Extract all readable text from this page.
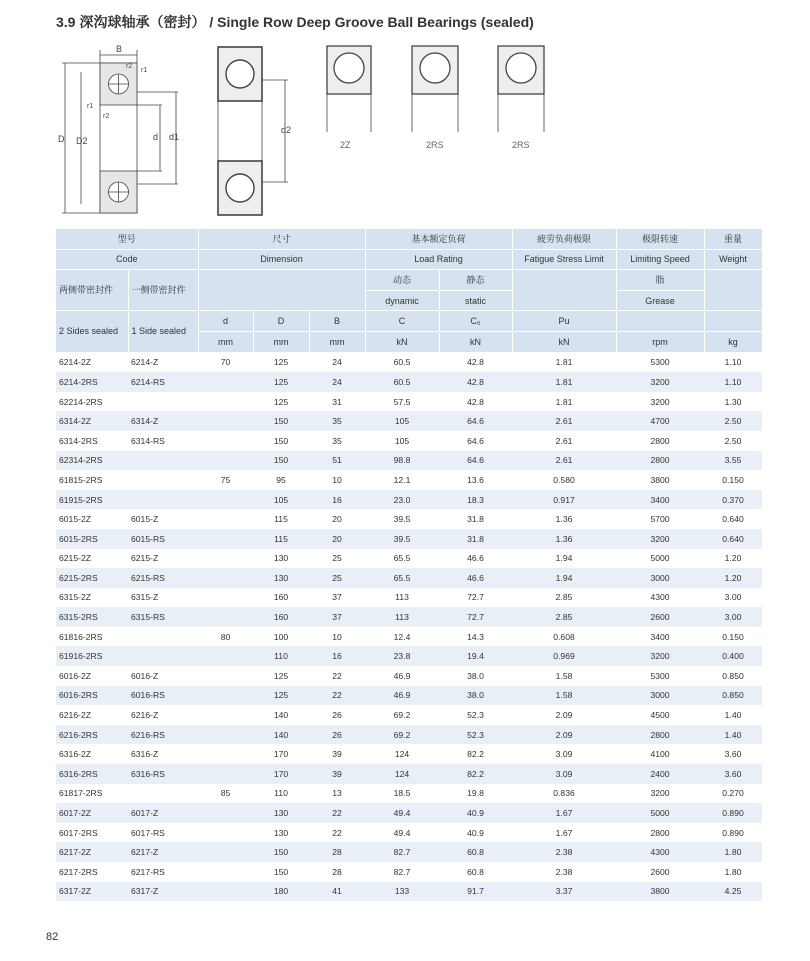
3.9 深沟球轴承（密封） / Single Row Deep Groove Ball Bearings (sealed)
B
r2
r1
r1
r2
D D2	d d1
d2
2Z	2RS	2RS
型号		尺寸			基本额定负荷		疲劳负荷极限	极限转速	重量
Code		Dimension			Load Rating		Fatigue Stress Limit	Limiting Speed	Weight
两侧带密封件	一侧带密封件				动态	静态		脂	
					dynamic	static		Grease	
2 Sides sealed	1 Side sealed	d	D	B	C	C₀	Pu		
		mm	mm	mm	kN	kN	kN	rpm	kg
6214-2Z	6214-Z	70	125	24	60.5	42.8	1.81	5300	1.10
6214-2RS	6214-RS		125	24	60.5	42.8	1.81	3200	1.10
62214-2RS			125	31	57.5	42.8	1.81	3200	1.30
6314-2Z	6314-Z		150	35	105	64.6	2.61	4700	2.50
6314-2RS	6314-RS		150	35	105	64.6	2.61	2800	2.50
62314-2RS			150	51	98.8	64.6	2.61	2800	3.55
61815-2RS		75	95	10	12.1	13.6	0.580	3800	0.150
61915-2RS			105	16	23.0	18.3	0.917	3400	0.370
6015-2Z	6015-Z		115	20	39.5	31.8	1.36	5700	0.640
6015-2RS	6015-RS		115	20	39.5	31.8	1.36	3200	0.640
6215-2Z	6215-Z		130	25	65.5	46.6	1.94	5000	1.20
6215-2RS	6215-RS		130	25	65.5	46.6	1.94	3000	1.20
6315-2Z	6315-Z		160	37	113	72.7	2.85	4300	3.00
6315-2RS	6315-RS		160	37	113	72.7	2.85	2600	3.00
61816-2RS		80	100	10	12.4	14.3	0.608	3400	0.150
61916-2RS			110	16	23.8	19.4	0.969	3200	0.400
6016-2Z	6016-Z		125	22	46.9	38.0	1.58	5300	0.850
6016-2RS	6016-RS		125	22	46.9	38.0	1.58	3000	0.850
6216-2Z	6216-Z		140	26	69.2	52.3	2.09	4500	1.40
6216-2RS	6216-RS		140	26	69.2	52.3	2.09	2800	1.40
6316-2Z	6316-Z		170	39	124	82.2	3.09	4100	3.60
6316-2RS	6316-RS		170	39	124	82.2	3.09	2400	3.60
61817-2RS		85	110	13	18.5	19.8	0.836	3200	0.270
6017-2Z	6017-Z		130	22	49.4	40.9	1.67	5000	0.890
6017-2RS	6017-RS		130	22	49.4	40.9	1.67	2800	0.890
6217-2Z	6217-Z		150	28	82.7	60.8	2.38	4300	1.80
6217-2RS	6217-RS		150	28	82.7	60.8	2.38	2600	1.80
6317-2Z	6317-Z		180	41	133	91.7	3.37	3800	4.25
82
